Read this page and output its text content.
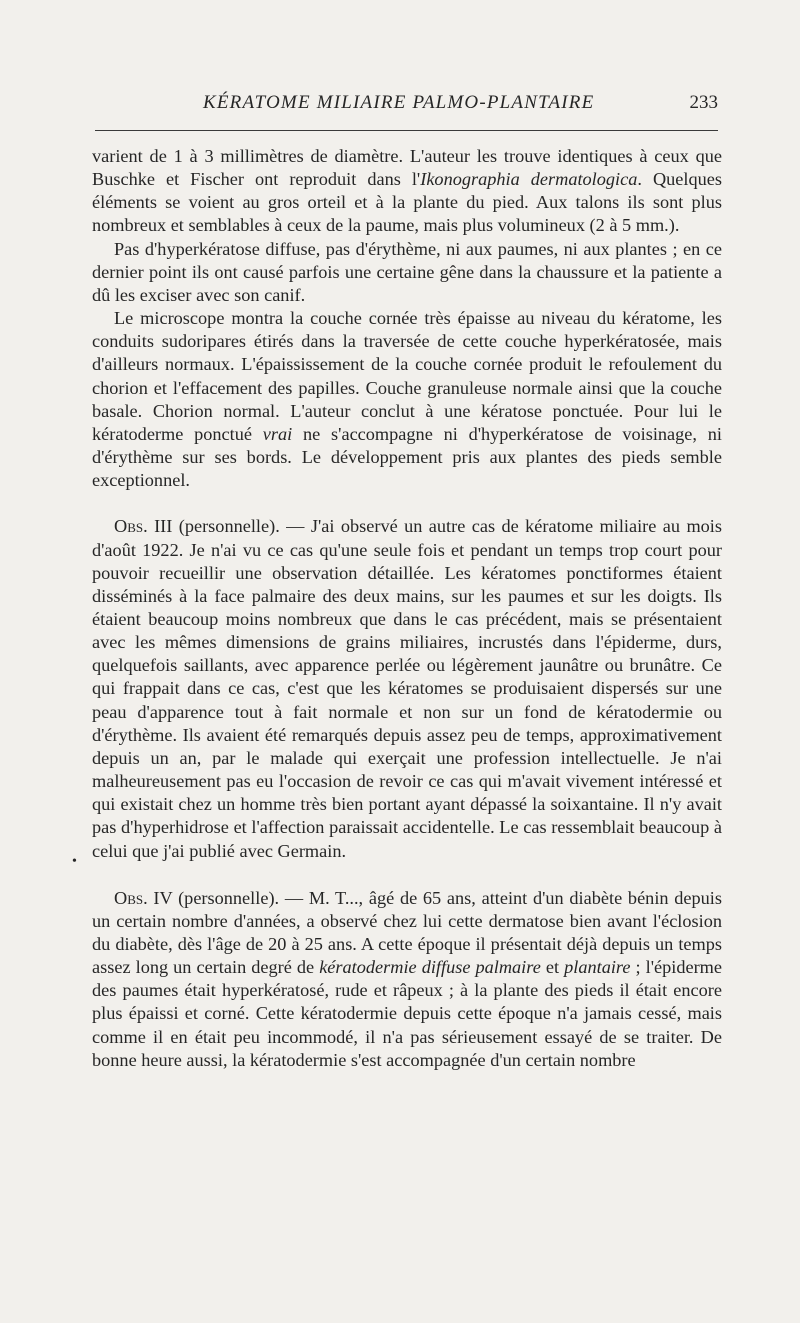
KÉRATOME MILIAIRE PALMO-PLANTAIRE	233
•

varient de 1 à 3 millimètres de diamètre. L'auteur les trouve identiques à ceux que Buschke et Fischer ont reproduit dans l'Ikonographia dermatologica. Quelques éléments se voient au gros orteil et à la plante du pied. Aux talons ils sont plus nombreux et semblables à ceux de la paume, mais plus volumineux (2 à 5 mm.).

Pas d'hyperkératose diffuse, pas d'érythème, ni aux paumes, ni aux plantes ; en ce dernier point ils ont causé parfois une certaine gêne dans la chaussure et la patiente a dû les exciser avec son canif.

Le microscope montra la couche cornée très épaisse au niveau du kératome, les conduits sudoripares étirés dans la traversée de cette couche hyperkératosée, mais d'ailleurs normaux. L'épaississement de la couche cornée produit le refoulement du chorion et l'effacement des papilles. Couche granuleuse normale ainsi que la couche basale. Chorion normal. L'auteur conclut à une kératose ponctuée. Pour lui le kératoderme ponctué vrai ne s'accompagne ni d'hyperkératose de voisinage, ni d'érythème sur ses bords. Le développement pris aux plantes des pieds semble exceptionnel.

Obs. III (personnelle). — J'ai observé un autre cas de kératome miliaire au mois d'août 1922. Je n'ai vu ce cas qu'une seule fois et pendant un temps trop court pour pouvoir recueillir une observation détaillée. Les kératomes ponctiformes étaient disséminés à la face palmaire des deux mains, sur les paumes et sur les doigts. Ils étaient beaucoup moins nombreux que dans le cas précédent, mais se présentaient avec les mêmes dimensions de grains miliaires, incrustés dans l'épiderme, durs, quelquefois saillants, avec apparence perlée ou légèrement jaunâtre ou brunâtre. Ce qui frappait dans ce cas, c'est que les kératomes se produisaient dispersés sur une peau d'apparence tout à fait normale et non sur un fond de kératodermie ou d'érythème. Ils avaient été remarqués depuis assez peu de temps, approximativement depuis un an, par le malade qui exerçait une profession intellectuelle. Je n'ai malheureusement pas eu l'occasion de revoir ce cas qui m'avait vivement intéressé et qui existait chez un homme très bien portant ayant dépassé la soixantaine. Il n'y avait pas d'hyperhidrose et l'affection paraissait accidentelle. Le cas ressemblait beaucoup à celui que j'ai publié avec Germain.

Obs. IV (personnelle). — M. T..., âgé de 65 ans, atteint d'un diabète bénin depuis un certain nombre d'années, a observé chez lui cette dermatose bien avant l'éclosion du diabète, dès l'âge de 20 à 25 ans. A cette époque il présentait déjà depuis un temps assez long un certain degré de kératodermie diffuse palmaire et plantaire ; l'épiderme des paumes était hyperkératosé, rude et râpeux ; à la plante des pieds il était encore plus épaissi et corné. Cette kératodermie depuis cette époque n'a jamais cessé, mais comme il en était peu incommodé, il n'a pas sérieusement essayé de se traiter. De bonne heure aussi, la kératodermie s'est accompagnée d'un certain nombre
